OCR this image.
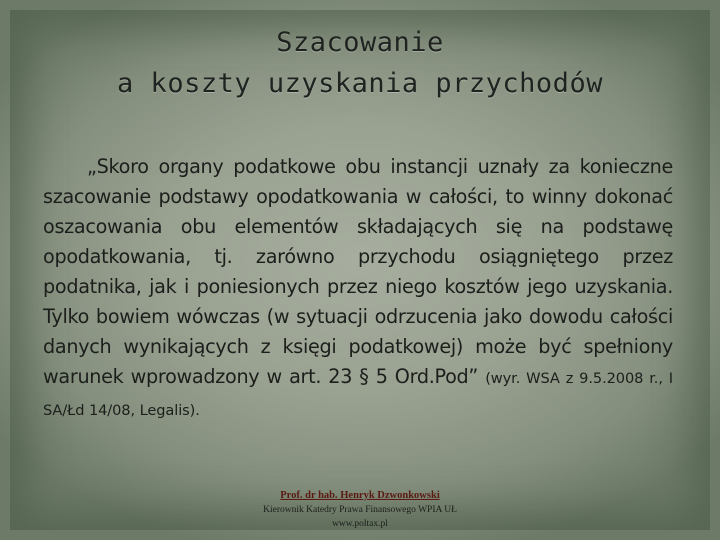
Szacowanie
a koszty uzyskania przychodów
„Skoro organy podatkowe obu instancji uznały za konieczne szacowanie podstawy opodatkowania w całości, to winny dokonać oszacowania obu elementów składających się na podstawę opodatkowania, tj. zarówno przychodu osiągniętego przez podatnika, jak i poniesionych przez niego kosztów jego uzyskania. Tylko bowiem wówczas (w sytuacji odrzucenia jako dowodu całości danych wynikających z księgi podatkowej) może być spełniony warunek wprowadzony w art. 23 § 5 Ord.Pod” (wyr. WSA z 9.5.2008 r., I SA/Łd 14/08, Legalis).
Prof. dr hab. Henryk Dzwonkowski
Kierownik Katedry Prawa Finansowego WPIA UŁ
www.poltax.pl
